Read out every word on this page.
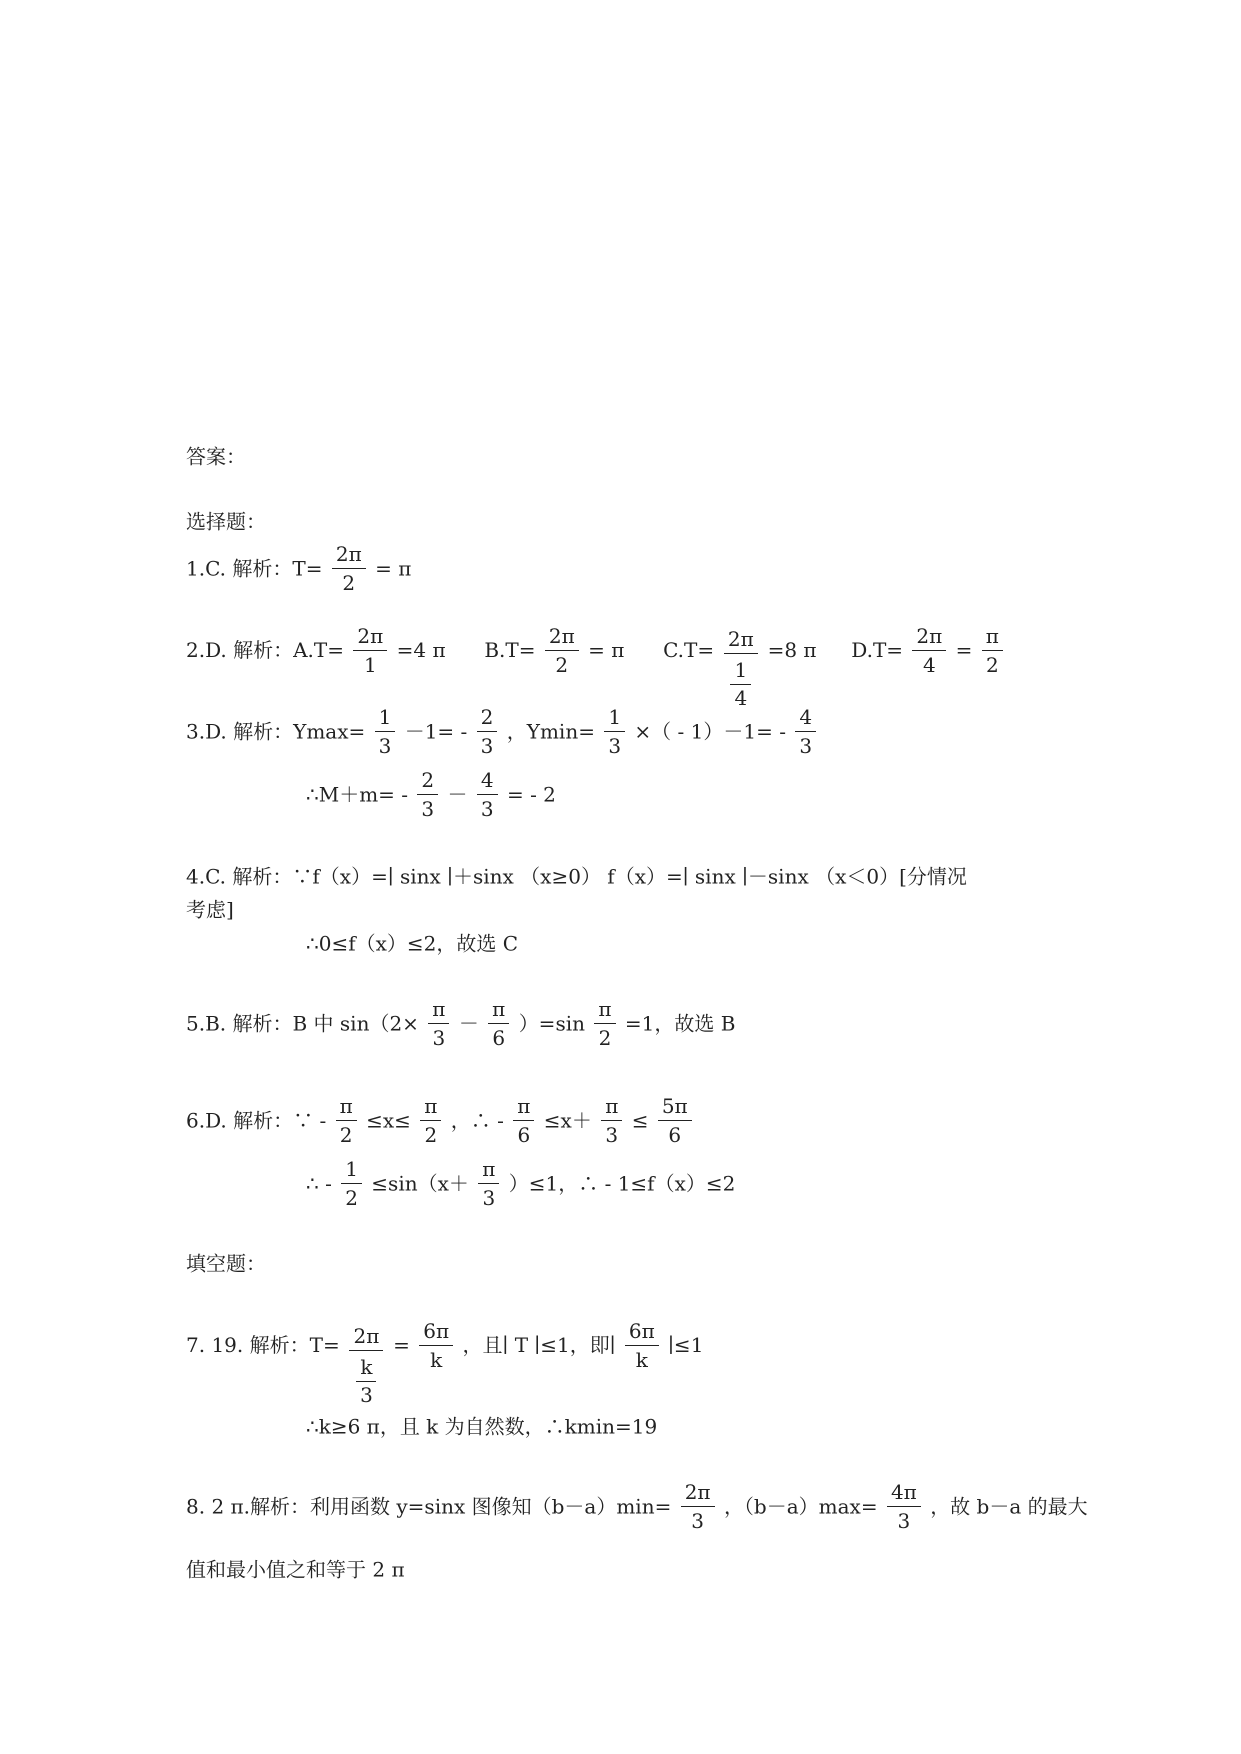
答案：
选择题：
1.C. 解析：$T= \frac{2\pi}{2} = \pi$
2.D. 解析：$A.T= \frac{2\pi}{1} =4$ π $B.T= \frac{2\pi}{2} = \pi$ $C.T= \frac{2\pi}{\frac{1}{4}} =8$ π $D.T= \frac{2\pi}{4} = \frac{\pi}{2}$
3.D. 解析：$Ymax= \frac{1}{3} -1= - \frac{2}{3}$ ，$Ymin= \frac{1}{3}$ ×（ - $1)-1= - \frac{4}{3}$
∴M＋m= - $\frac{2}{3} - \frac{4}{3}$ = - 2
4.C. 解析：∵f（x）=∣ sinx ∣＋sinx （x≥0） f（x）=∣ sinx ∣－sinx （x＜0）[分情况
考虑]
∴0≤f（x）≤2，故选 C
5.B. 解析：B 中 $\sin(2\times \frac{\pi}{3} - \frac{\pi}{6} )=\sin \frac{\pi}{2} =1$，故选 B
6.D. 解析：∵ - $\frac{\pi}{2} \le x\le \frac{\pi}{2}$ ，∴ - $\frac{\pi}{6} \le x+ \frac{\pi}{3} \le \frac{5\pi}{6}$
∴ - $\frac{1}{2} \le\sin(x+ \frac{\pi}{3} )\le 1$，∴ - 1≤f（x）≤2
填空题：
7. 19. 解析：$T= \frac{2\pi}{\frac{k}{3}} = \frac{6\pi}{k}$ ，且∣ T ∣≤1，即∣ $\frac{6\pi}{k}$ ∣≤1
∴k≥6 π，且 k 为自然数，∴kmin=19
8. 2 π.解析：利用函数 y=sinx 图像知$(b-a)\min= \frac{2\pi}{3}$ ，$(b-a)\max= \frac{4\pi}{3}$ ，故 b－a 的最大
值和最小值之和等于 2 π
